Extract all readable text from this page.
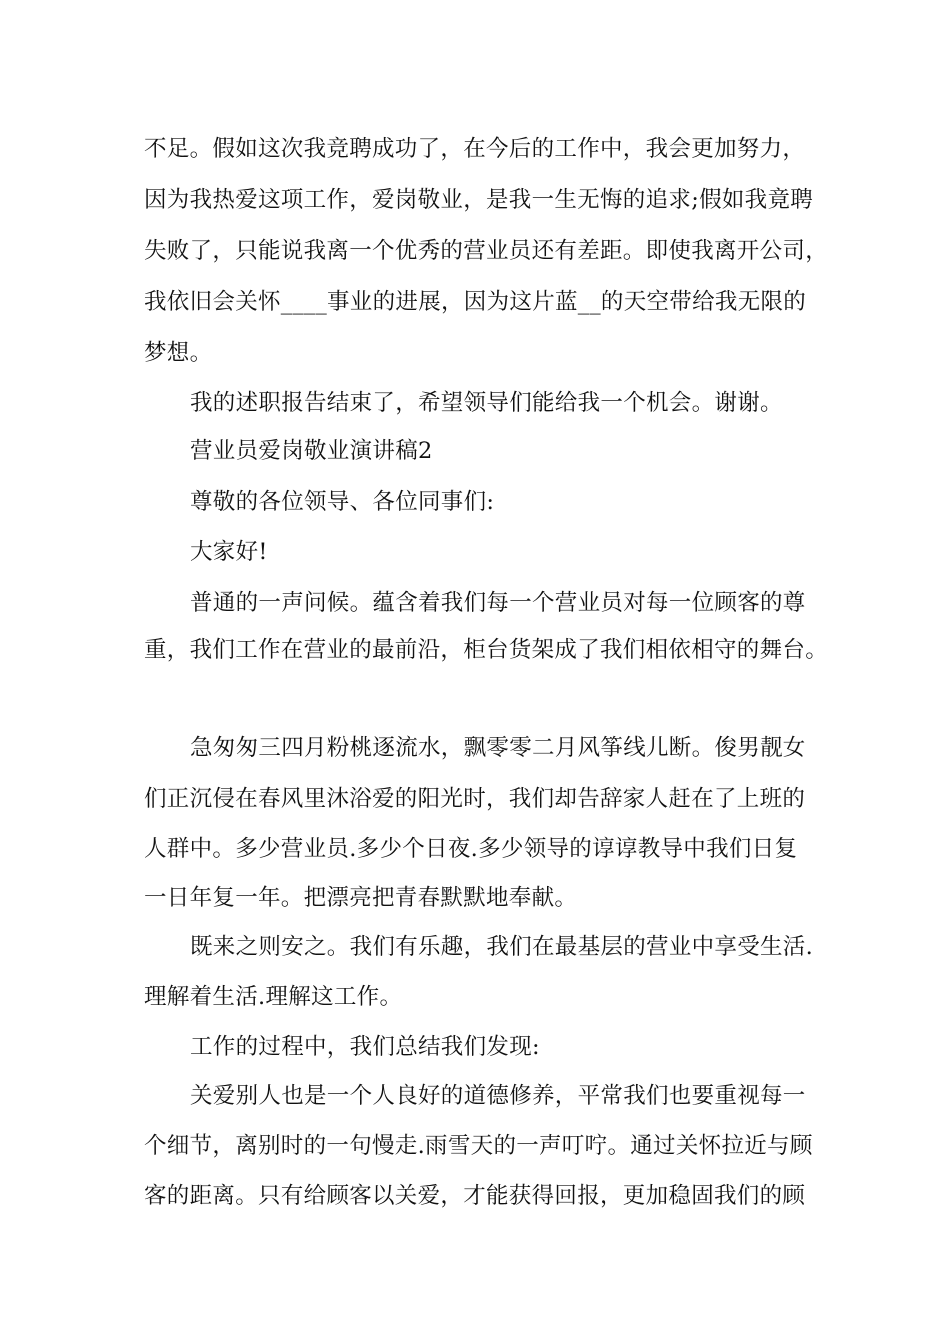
不足。假如这次我竞聘成功了，在今后的工作中，我会更加努力，
因为我热爱这项工作，爱岗敬业，是我一生无悔的追求;假如我竟聘
失败了，只能说我离一个优秀的营业员还有差距。即使我离开公司，
我依旧会关怀____事业的进展，因为这片蓝__的天空带给我无限的
梦想。
我的述职报告结束了，希望领导们能给我一个机会。谢谢。
营业员爱岗敬业演讲稿2
尊敬的各位领导、各位同事们:
大家好!
普通的一声问候。蕴含着我们每一个营业员对每一位顾客的尊
重，我们工作在营业的最前沿，柜台货架成了我们相依相守的舞台。
急匆匆三四月粉桃逐流水，飘零零二月风筝线儿断。俊男靓女
们正沉侵在春风里沐浴爱的阳光时，我们却告辞家人赶在了上班的
人群中。多少营业员.多少个日夜.多少领导的谆谆教导中我们日复
一日年复一年。把漂亮把青春默默地奉献。
既来之则安之。我们有乐趣，我们在最基层的营业中享受生活.
理解着生活.理解这工作。
工作的过程中，我们总结我们发现:
关爱别人也是一个人良好的道德修养，平常我们也要重视每一
个细节，离别时的一句慢走.雨雪天的一声叮咛。通过关怀拉近与顾
客的距离。只有给顾客以关爱，才能获得回报，更加稳固我们的顾
